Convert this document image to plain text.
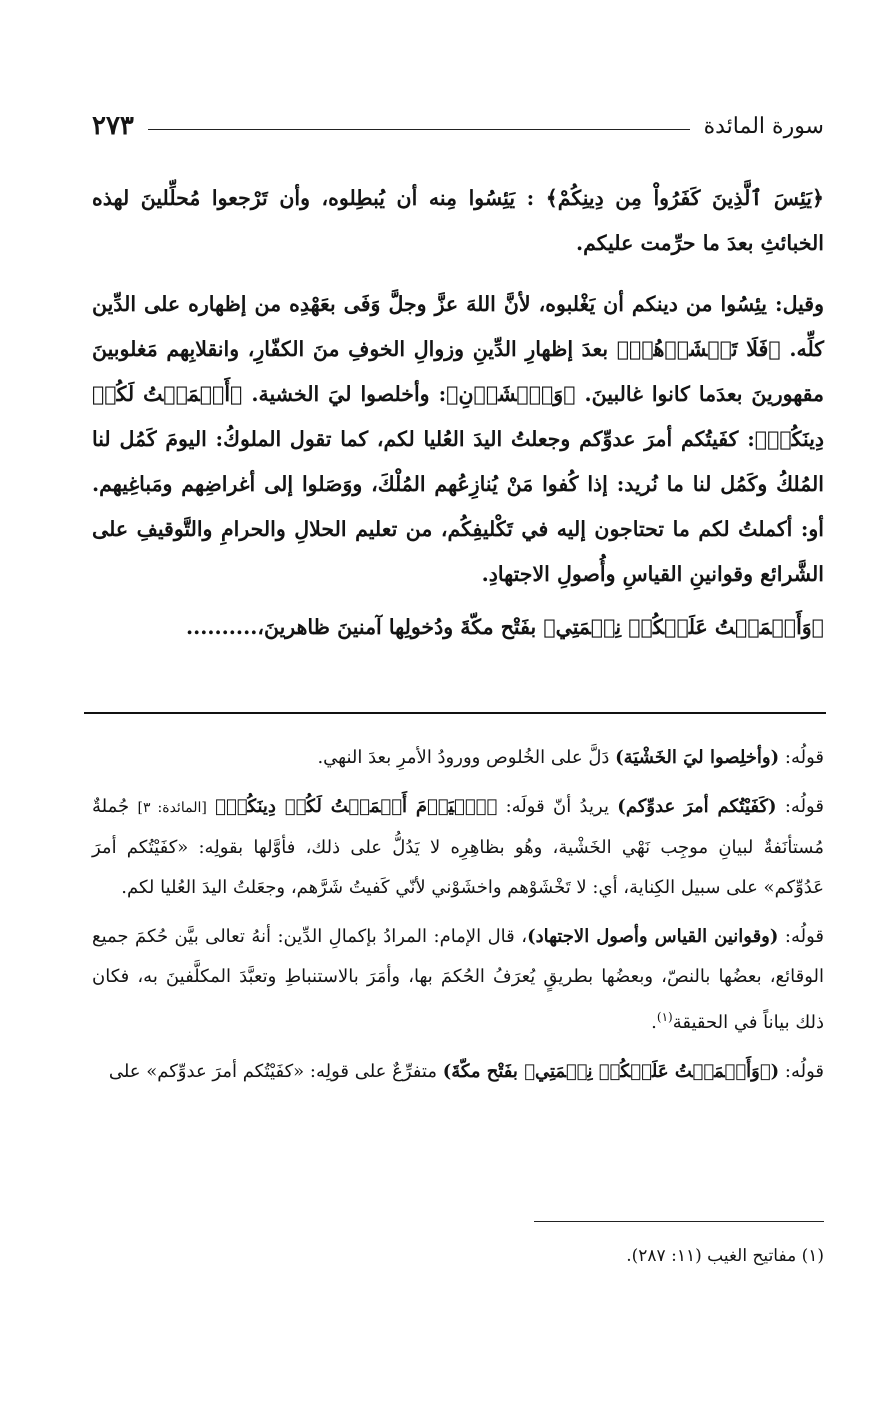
سورة المائدة
٢٧٣

﴿يَئِسَ ٱلَّذِينَ كَفَرُواْ مِن دِينِكُمْ﴾ : يَئِسُوا مِنه أن يُبطِلوه، وأن تَرْجعوا مُحلِّلينَ لهذه الخبائثِ بعدَ ما حرِّمت عليكم.

وقيل: يئِسُوا من دينكم أن يَغْلبوه، لأنَّ اللهَ عزَّ وجلَّ وَفَى بعَهْدِه من إظهاره على الدِّين كلِّه. ﴿فَلَا تَخۡشَوۡهُمۡ﴾ بعدَ إظهارِ الدِّينِ وزوالِ الخوفِ منَ الكفّارِ، وانقلابِهم مَغلوبينَ مقهورينَ بعدَما كانوا غالبينَ. ﴿وَٱخۡشَوۡنِ﴾: وأخلصوا ليَ الخشية. ﴿أَكۡمَلۡتُ لَكُمۡ دِينَكُمۡ﴾: كفَيتُكم أمرَ عدوِّكم وجعلتُ اليدَ العُليا لكم، كما تقول الملوكُ: اليومَ كَمُل لنا المُلكُ وكَمُل لنا ما نُريد: إذا كُفوا مَنْ يُنازِعُهم المُلْكَ، ووَصَلوا إلى أغراضِهم ومَباغِيهم. أو: أكملتُ لكم ما تحتاجون إليه في تَكْليفِكُم، من تعليم الحلالِ والحرامِ والتَّوقيفِ على الشَّرائع وقوانينِ القياسِ وأُصولِ الاجتهادِ.

﴿وَأَتۡمَمۡتُ عَلَيۡكُمۡ نِعۡمَتِي﴾ بفَتْح مكّةَ ودُخولِها آمنينَ ظاهرينَ،..........

قولُه: (وأخلِصوا ليَ الخَشْيَة) دَلَّ على الخُلوص وورودُ الأمرِ بعدَ النهي.

قولُه: (كَفَيْتُكم أمرَ عدوِّكم) يريدُ أنّ قولَه: ﴿ٱلۡيَوۡمَ أَكۡمَلۡتُ لَكُمۡ دِينَكُمۡ﴾ [المائدة: ٣] جُملةٌ مُستأنَفةٌ لبيانِ موجِب نَهْي الخَشْية، وهُو بظاهِرِه لا يَدُلُّ على ذلك، فأوَّلها بقولِه: «كفَيْتُكم أمرَ عَدُوِّكم» على سبيل الكِناية، أي: لا تَخْشَوْهم واخشَوْني لأنّي كَفيتُ شَرَّهم، وجعَلتُ اليدَ العُليا لكم.

قولُه: (وقوانين القياس وأصول الاجتهاد)، قال الإمام: المرادُ بإكمالِ الدِّين: أنهُ تعالى بيَّن حُكمَ جميع الوقائع، بعضُها بالنصّ، وبعضُها بطريقٍ يُعرَفُ الحُكمَ بها، وأمَرَ بالاستنباطِ وتعبَّدَ المكلَّفينَ به، فكان ذلك بياناً في الحقيقة$^{(١)}$.

قولُه: (﴿وَأَتۡمَمۡتُ عَلَيۡكُمۡ نِعۡمَتِي﴾ بفَتْح مكّةَ) متفرِّعٌ على قولِه: «كفَيْتُكم أمرَ عدوِّكم» على

(١) مفاتيح الغيب (١١: ٢٨٧).
